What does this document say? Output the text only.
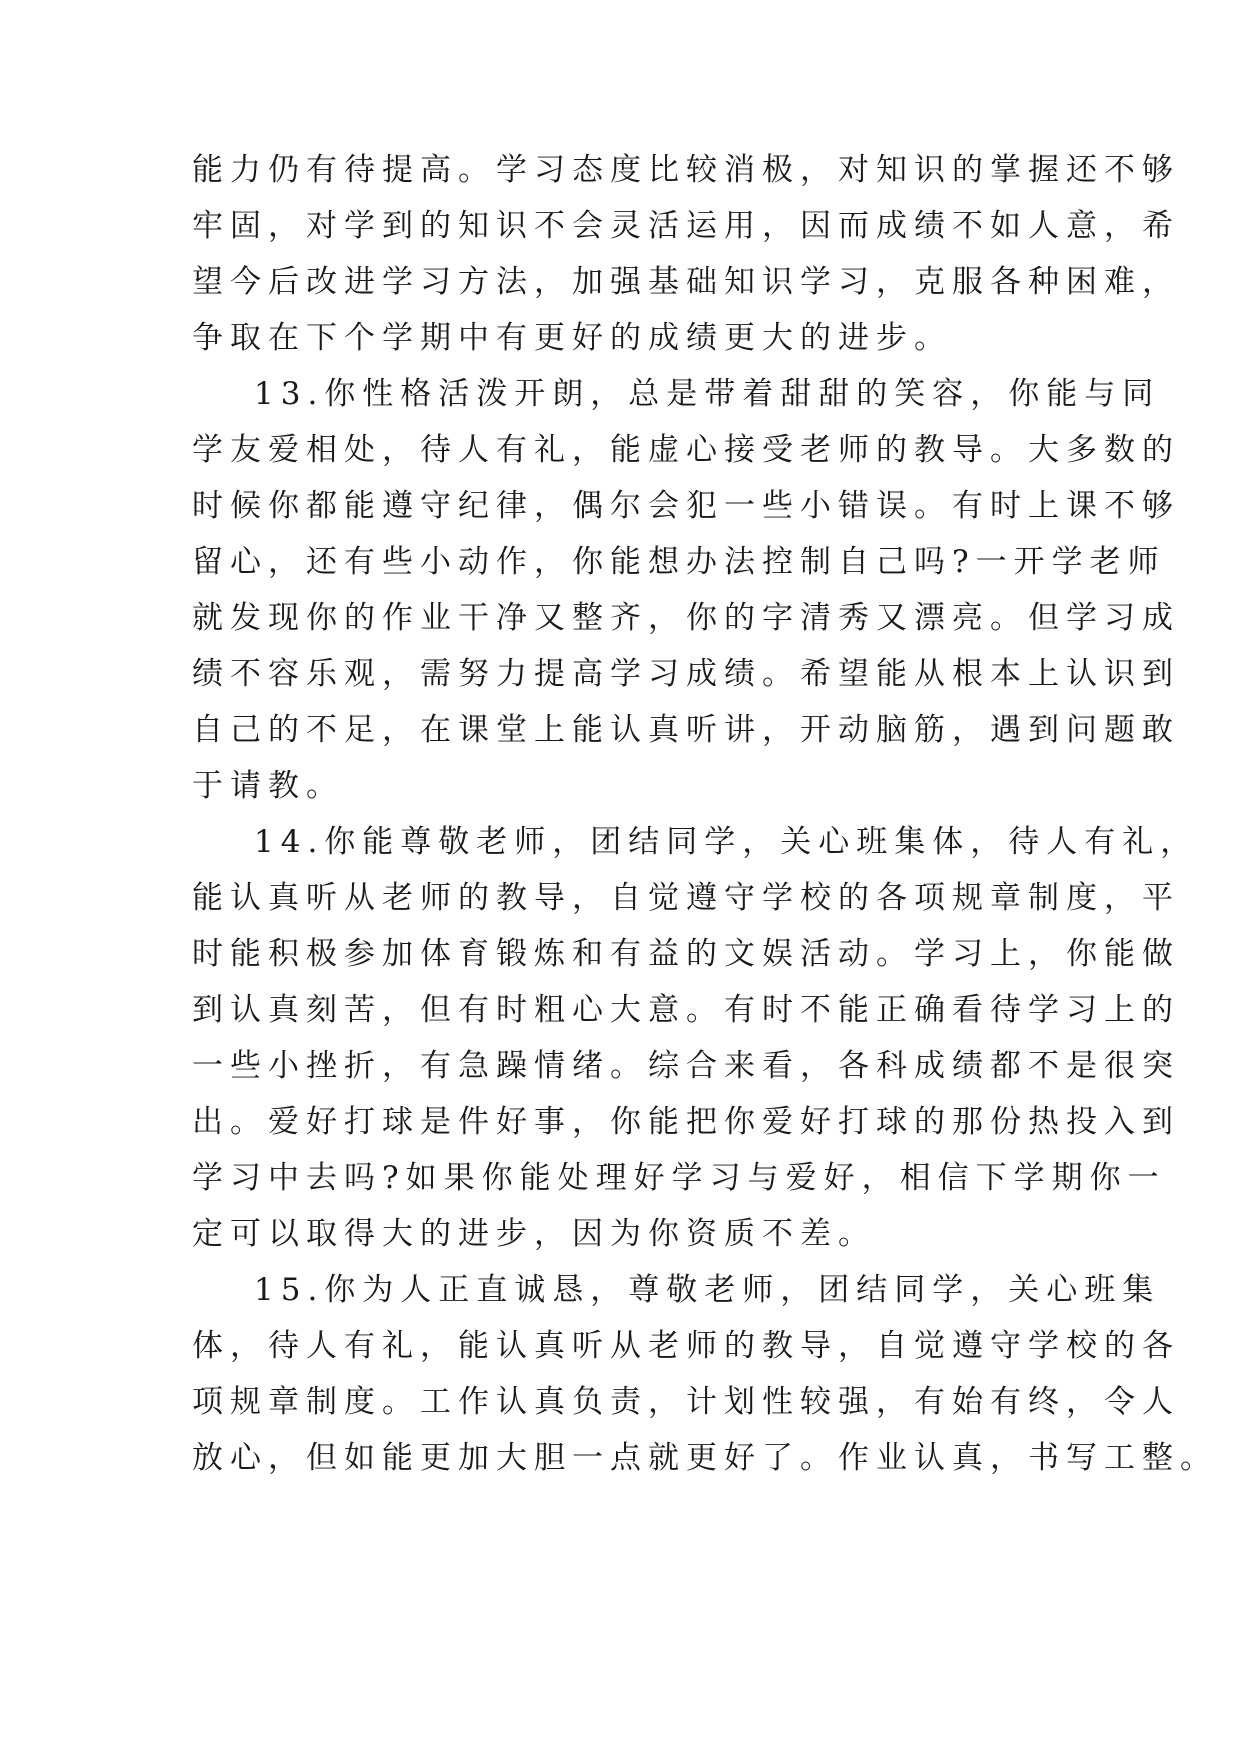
能力仍有待提高。学习态度比较消极，对知识的掌握还不够
牢固，对学到的知识不会灵活运用，因而成绩不如人意，希
望今后改进学习方法，加强基础知识学习，克服各种困难，
争取在下个学期中有更好的成绩更大的进步。
13.你性格活泼开朗，总是带着甜甜的笑容，你能与同
学友爱相处，待人有礼，能虚心接受老师的教导。大多数的
时候你都能遵守纪律，偶尔会犯一些小错误。有时上课不够
留心，还有些小动作，你能想办法控制自己吗?一开学老师
就发现你的作业干净又整齐，你的字清秀又漂亮。但学习成
绩不容乐观，需努力提高学习成绩。希望能从根本上认识到
自己的不足，在课堂上能认真听讲，开动脑筋，遇到问题敢
于请教。
14.你能尊敬老师，团结同学，关心班集体，待人有礼，
能认真听从老师的教导，自觉遵守学校的各项规章制度，平
时能积极参加体育锻炼和有益的文娱活动。学习上，你能做
到认真刻苦，但有时粗心大意。有时不能正确看待学习上的
一些小挫折，有急躁情绪。综合来看，各科成绩都不是很突
出。爱好打球是件好事，你能把你爱好打球的那份热投入到
学习中去吗?如果你能处理好学习与爱好，相信下学期你一
定可以取得大的进步，因为你资质不差。
15.你为人正直诚恳，尊敬老师，团结同学，关心班集
体，待人有礼，能认真听从老师的教导，自觉遵守学校的各
项规章制度。工作认真负责，计划性较强，有始有终，令人
放心，但如能更加大胆一点就更好了。作业认真，书写工整。
